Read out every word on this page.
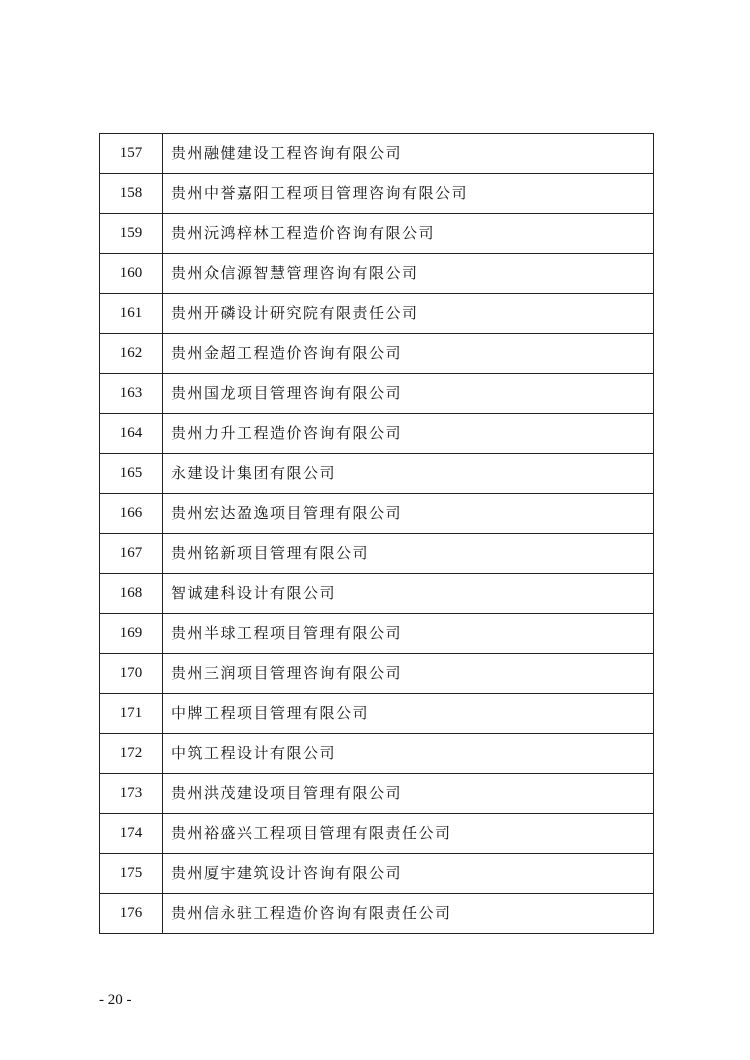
157	贵州融健建设工程咨询有限公司
158	贵州中誉嘉阳工程项目管理咨询有限公司
159	贵州沅鸿梓林工程造价咨询有限公司
160	贵州众信源智慧管理咨询有限公司
161	贵州开磷设计研究院有限责任公司
162	贵州金超工程造价咨询有限公司
163	贵州国龙项目管理咨询有限公司
164	贵州力升工程造价咨询有限公司
165	永建设计集团有限公司
166	贵州宏达盈逸项目管理有限公司
167	贵州铭新项目管理有限公司
168	智诚建科设计有限公司
169	贵州半球工程项目管理有限公司
170	贵州三润项目管理咨询有限公司
171	中牌工程项目管理有限公司
172	中筑工程设计有限公司
173	贵州洪茂建设项目管理有限公司
174	贵州裕盛兴工程项目管理有限责任公司
175	贵州厦宇建筑设计咨询有限公司
176	贵州信永驻工程造价咨询有限责任公司
- 20 -
